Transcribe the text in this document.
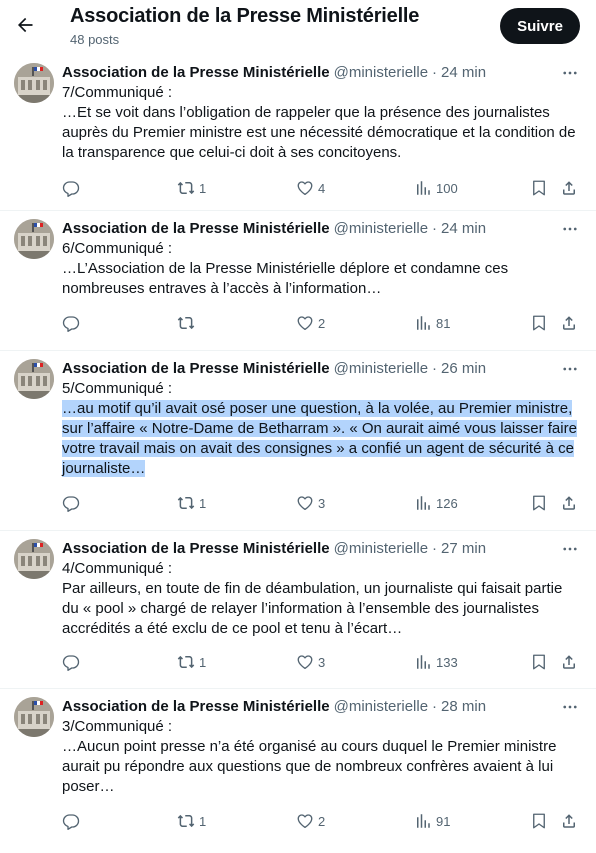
Association de la Presse Ministérielle
48 posts
Suivre
Association de la Presse Ministérielle @ministerielle · 24 min
7/Communiqué :
…Et se voit dans l’obligation de rappeler que la présence des journalistes auprès du Premier ministre est une nécessité démocratique et la condition de la transparence que celui-ci doit à ses concitoyens.
1	4	100
Association de la Presse Ministérielle @ministerielle · 24 min
6/Communiqué :
…L’Association de la Presse Ministérielle déplore et condamne ces nombreuses entraves à l’accès à l’information…
2	81
Association de la Presse Ministérielle @ministerielle · 26 min
5/Communiqué :
…au motif qu’il avait osé poser une question, à la volée, au Premier ministre, sur l’affaire « Notre-Dame de Betharram ». « On aurait aimé vous laisser faire votre travail mais on avait des consignes » a confié un agent de sécurité à ce journaliste…
1	3	126
Association de la Presse Ministérielle @ministerielle · 27 min
4/Communiqué :
Par ailleurs, en toute de fin de déambulation, un journaliste qui faisait partie du « pool » chargé de relayer l’information à l’ensemble des journalistes accrédités a été exclu de ce pool et tenu à l’écart…
1	3	133
Association de la Presse Ministérielle @ministerielle · 28 min
3/Communiqué :
…Aucun point presse n’a été organisé au cours duquel le Premier ministre aurait pu répondre aux questions que de nombreux confrères avaient à lui poser…
1	2	91
